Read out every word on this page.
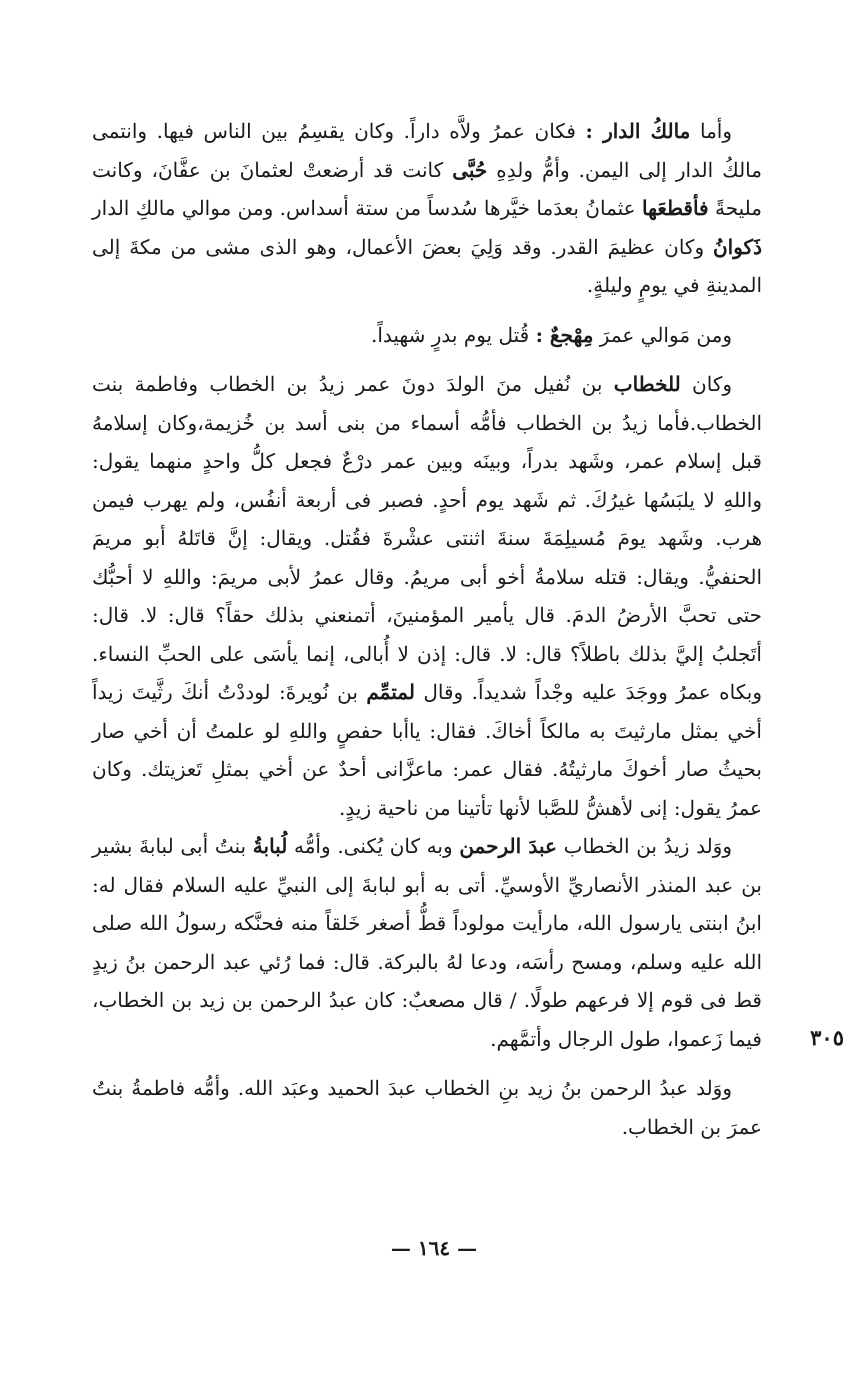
وأما مالكُ الدار : فكان عمرُ ولاَّه داراً. وكان يقسِمُ بين الناس فيها. وانتمى مالكُ الدار إلى اليمن. وأمُّ ولدِهِ حُبَّى كانت قد أرضعتْ لعثمانَ بن عفَّانَ، وكانت مليحةً فأقطعَها عثمانُ بعدَما خيَّرها سُدساً من ستة أسداس. ومن موالي مالكِ الدار ذَكوانُ وكان عظيمَ القدر. وقد وَلِيَ بعضَ الأعمال، وهو الذى مشى من مكةَ إلى المدينةِ في يومٍ وليلةٍ.

ومن مَوالي عمرَ مِهْجعٌ : قُتل يوم بدرٍ شهيداً.

وكان للخطاب بن نُفيل منَ الولدَ دونَ عمر زيدُ بن الخطاب وفاطمة بنت الخطاب.فأما زيدُ بن الخطاب فأمُّه أسماء من بنى أسد بن خُزيمة،وكان إسلامهُ قبل إسلام عمر، وشَهد بدراً، وبينَه وبين عمر درْعٌ فجعل كلُّ واحدٍ منهما يقول: واللهِ لا يلبَسُها غيرُكَ. ثم شَهد يوم أحدٍ. فصبر فى أربعة أنفُس، ولم يهرب فيمن هرب. وشَهد يومَ مُسيلِمَةَ سنةَ اثنتى عشْرةَ فقُتل. ويقال: إنَّ قاتَلهُ أبو مريمَ الحنفيُّ. ويقال: قتله سلامةُ أخو أبى مريمُ. وقال عمرُ لأبى مريمَ: واللهِ لا أحبُّك حتى تحبَّ الأرضُ الدمَ. قال يأمير المؤمنينَ، أتمنعني بذلك حقاً؟ قال: لا. قال: أتَجلبُ إليَّ بذلك باطلاً؟ قال: لا. قال: إذن لا أُبالى، إنما يأسَى على الحبِّ النساء. وبكاه عمرُ ووجَدَ عليه وجْداً شديداً. وقال لمتمِّم بن نُويرةَ: لوددْتُ أنكَ رثَّيتَ زيداً أخي بمثل مارثيتَ به مالكاً أخاكَ. فقال: ياأبا حفصٍ واللهِ لو علمتُ أن أخي صار بحيثُ صار أخوكَ مارثيتُهُ. فقال عمر: ماعزَّانى أحدٌ عن أخي بمثلِ تَعزيتك. وكان عمرُ يقول: إنى لأهشُّ للصَّبا لأنها تأتينا من ناحية زيدٍ.

ووَلد زيدُ بن الخطاب عبدَ الرحمن وبه كان يُكنى. وأمُّه لُبابةُ بنتُ أبى لبابةَ بشير بن عبد المنذر الأنصاريِّ الأوسيِّ. أتى به أبو لبابةَ إلى النبيِّ عليه السلام فقال له: ابنُ ابنتى يارسول الله، مارأيت مولوداً قطُّ أصغر خَلقاً منه فحنَّكه رسولُ الله صلى الله عليه وسلم، ومسح رأسَه، ودعا لهُ بالبركة. قال: فما رُئي عبد الرحمن بنُ زيدٍ قط فى قوم إلا فرعهم طولًا. / قال مصعبٌ: كان عبدُ الرحمن بن زيد بن الخطاب، فيما زَعموا، طول الرجال وأتمَّهم.

ووَلد عبدُ الرحمن بنُ زيد بنِ الخطاب عبدَ الحميد وعبَد الله. وأمُّه فاطمةُ بنتُ عمرَ بن الخطاب.

٣٠٥
— ١٦٤ —
